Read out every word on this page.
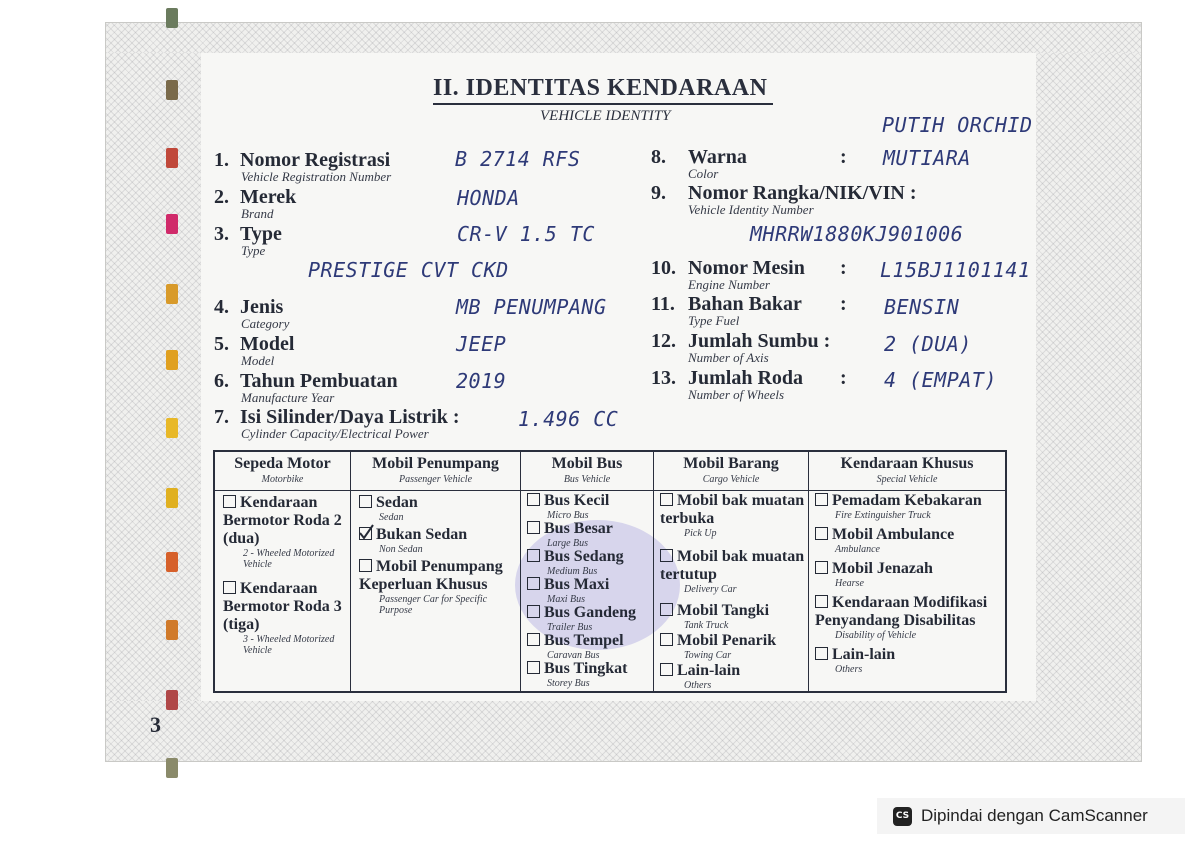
II. IDENTITAS KENDARAAN
VEHICLE IDENTITY
1. Nomor Registrasi
Vehicle Registration Number
B 2714 RFS
2. Merek
Brand
HONDA
3. Type
Type
CR-V 1.5 TC
PRESTIGE CVT CKD
4. Jenis
Category
MB PENUMPANG
5. Model
Model
JEEP
6. Tahun Pembuatan
Manufacture Year
2019
7. Isi Silinder/Daya Listrik :
Cylinder Capacity/Electrical Power
1.496 CC
PUTIH ORCHID
8. Warna	:
Color
MUTIARA
9. Nomor Rangka/NIK/VIN :
Vehicle Identity Number
MHRRW1880KJ901006
10. Nomor Mesin :
Engine Number
L15BJ1101141
11. Bahan Bakar :
Type Fuel
BENSIN
12. Jumlah Sumbu :
Number of Axis
2 (DUA)
13. Jumlah Roda :
Number of Wheels
4 (EMPAT)
Sepeda Motor
Motorbike
Kendaraan Bermotor Roda 2 (dua)
2 - Wheeled Motorized Vehicle
Kendaraan Bermotor Roda 3 (tiga)
3 - Wheeled Motorized Vehicle
Mobil Penumpang
Passenger Vehicle
Sedan
Sedan
Bukan Sedan
Non Sedan
Mobil Penumpang Keperluan Khusus
Passenger Car for Specific Purpose
Mobil Bus
Bus Vehicle
Bus Kecil
Micro Bus
Bus Besar
Large Bus
Bus Sedang
Medium Bus
Bus Maxi
Maxi Bus
Bus Gandeng
Trailer Bus
Bus Tempel
Caravan Bus
Bus Tingkat
Storey Bus
Mobil Barang
Cargo Vehicle
Mobil bak muatan terbuka
Pick Up
Mobil bak muatan tertutup
Delivery Car
Mobil Tangki
Tank Truck
Mobil Penarik
Towing Car
Lain-lain
Others
Kendaraan Khusus
Special Vehicle
Pemadam Kebakaran
Fire Extinguisher Truck
Mobil Ambulance
Ambulance
Mobil Jenazah
Hearse
Kendaraan Modifikasi Penyandang Disabilitas
Disability of Vehicle
Lain-lain
Others
3
CS Dipindai dengan CamScanner
